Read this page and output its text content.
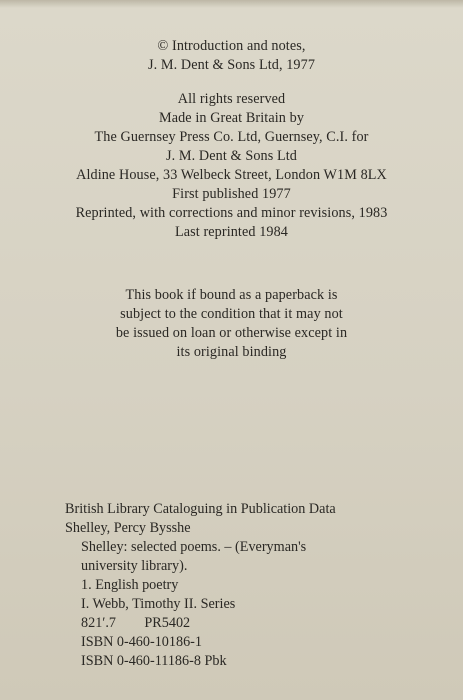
© Introduction and notes,
J. M. Dent & Sons Ltd, 1977
All rights reserved
Made in Great Britain by
The Guernsey Press Co. Ltd, Guernsey, C.I. for
J. M. Dent & Sons Ltd
Aldine House, 33 Welbeck Street, London W1M 8LX
First published 1977
Reprinted, with corrections and minor revisions, 1983
Last reprinted 1984
This book if bound as a paperback is
subject to the condition that it may not
be issued on loan or otherwise except in
its original binding
British Library Cataloguing in Publication Data
Shelley, Percy Bysshe
Shelley: selected poems. – (Everyman's
university library).
1. English poetry
I. Webb, Timothy II. Series
821′.7        PR5402
ISBN 0-460-10186-1
ISBN 0-460-11186-8 Pbk
